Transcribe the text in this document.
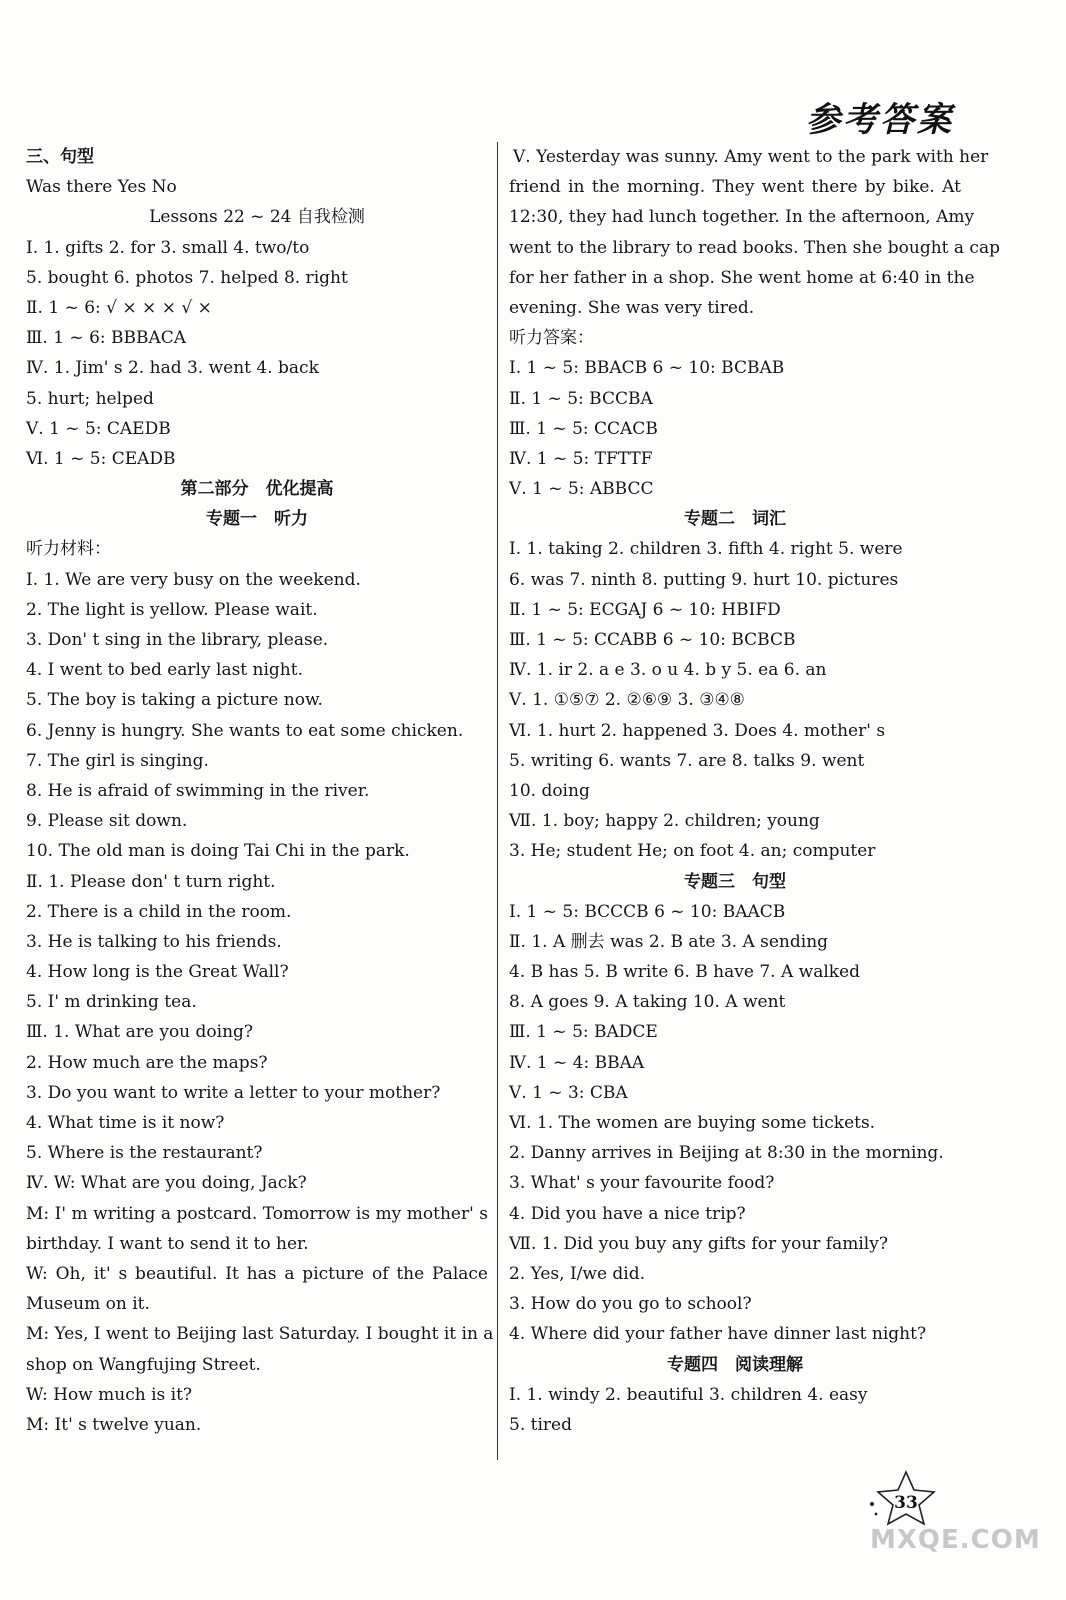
参考答案
三、句型
Was there Yes No
Lessons 22 ~ 24 自我检测
Ⅰ. 1. gifts 2. for 3. small 4. two/to
5. bought 6. photos 7. helped 8. right
Ⅱ. 1 ~ 6: √ × × × √ ×
Ⅲ. 1 ~ 6: BBBACA
Ⅳ. 1. Jim' s 2. had 3. went 4. back
5. hurt; helped
Ⅴ. 1 ~ 5: CAEDB
Ⅵ. 1 ~ 5: CEADB
第二部分　优化提高
专题一　听力
听力材料：
Ⅰ. 1. We are very busy on the weekend.
2. The light is yellow. Please wait.
3. Don' t sing in the library, please.
4. I went to bed early last night.
5. The boy is taking a picture now.
6. Jenny is hungry. She wants to eat some chicken.
7. The girl is singing.
8. He is afraid of swimming in the river.
9. Please sit down.
10. The old man is doing Tai Chi in the park.
Ⅱ. 1. Please don' t turn right.
2. There is a child in the room.
3. He is talking to his friends.
4. How long is the Great Wall?
5. I' m drinking tea.
Ⅲ. 1. What are you doing?
2. How much are the maps?
3. Do you want to write a letter to your mother?
4. What time is it now?
5. Where is the restaurant?
Ⅳ. W: What are you doing, Jack?
M: I' m writing a postcard. Tomorrow is my mother' s
birthday. I want to send it to her.
W: Oh, it' s beautiful. It has a picture of the Palace
Museum on it.
M: Yes, I went to Beijing last Saturday. I bought it in a
shop on Wangfujing Street.
W: How much is it?
M: It' s twelve yuan.
Ⅴ. Yesterday was sunny. Amy went to the park with her
friend in the morning. They went there by bike. At
12:30, they had lunch together. In the afternoon, Amy
went to the library to read books. Then she bought a cap
for her father in a shop. She went home at 6:40 in the
evening. She was very tired.
听力答案：
Ⅰ. 1 ~ 5: BBACB 6 ~ 10: BCBAB
Ⅱ. 1 ~ 5: BCCBA
Ⅲ. 1 ~ 5: CCACB
Ⅳ. 1 ~ 5: TFTTF
Ⅴ. 1 ~ 5: ABBCC
专题二　词汇
Ⅰ. 1. taking 2. children 3. fifth 4. right 5. were
6. was 7. ninth 8. putting 9. hurt 10. pictures
Ⅱ. 1 ~ 5: ECGAJ 6 ~ 10: HBIFD
Ⅲ. 1 ~ 5: CCABB 6 ~ 10: BCBCB
Ⅳ. 1. ir 2. a e 3. o u 4. b y 5. ea 6. an
Ⅴ. 1. ①⑤⑦ 2. ②⑥⑨ 3. ③④⑧
Ⅵ. 1. hurt 2. happened 3. Does 4. mother' s
5. writing 6. wants 7. are 8. talks 9. went
10. doing
Ⅶ. 1. boy; happy 2. children; young
3. He; student He; on foot 4. an; computer
专题三　句型
Ⅰ. 1 ~ 5: BCCCB 6 ~ 10: BAACB
Ⅱ. 1. A 删去 was 2. B ate 3. A sending
4. B has 5. B write 6. B have 7. A walked
8. A goes 9. A taking 10. A went
Ⅲ. 1 ~ 5: BADCE
Ⅳ. 1 ~ 4: BBAA
Ⅴ. 1 ~ 3: CBA
Ⅵ. 1. The women are buying some tickets.
2. Danny arrives in Beijing at 8:30 in the morning.
3. What' s your favourite food?
4. Did you have a nice trip?
Ⅶ. 1. Did you buy any gifts for your family?
2. Yes, I/we did.
3. How do you go to school?
4. Where did your father have dinner last night?
专题四　阅读理解
Ⅰ. 1. windy 2. beautiful 3. children 4. easy
5. tired
33
MXQE.COM
